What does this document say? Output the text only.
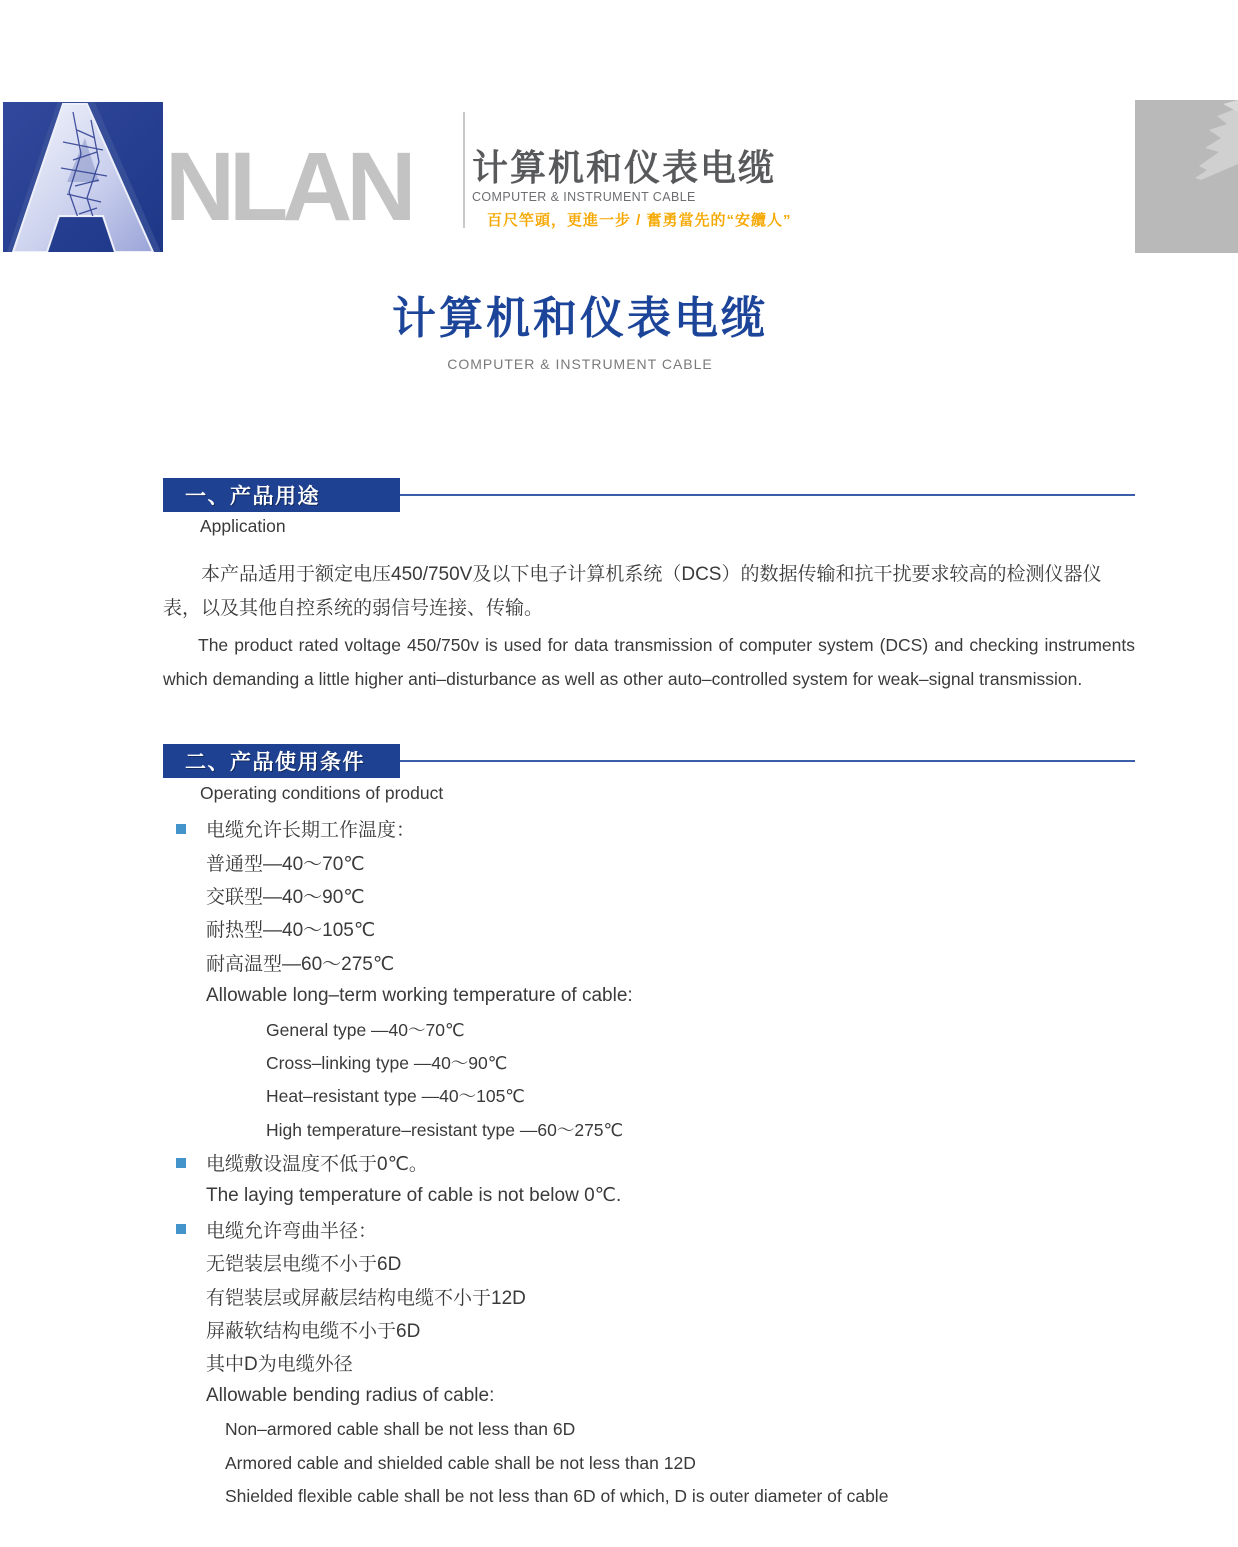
NLAN 计算机和仪表电缆
COMPUTER & INSTRUMENT CABLE
百尺竿頭，更進一步 / 奮勇當先的“安纜人”
计算机和仪表电缆
COMPUTER & INSTRUMENT CABLE
一、产品用途
Application
本产品适用于额定电压450/750V及以下电子计算机系统（DCS）的数据传输和抗干扰要求较高的检测仪器仪表，以及其他自控系统的弱信号连接、传输。
The product rated voltage 450/750v is used for data transmission of computer system (DCS) and checking instruments which demanding a little higher anti–disturbance as well as other auto–controlled system for weak–signal transmission.
二、产品使用条件
Operating conditions of product
电缆允许长期工作温度：
普通型—40～70℃
交联型—40～90℃
耐热型—40～105℃
耐高温型—60～275℃
Allowable long–term working temperature of cable:
General type —40～70℃
Cross–linking type —40～90℃
Heat–resistant type —40～105℃
High temperature–resistant type —60～275℃
电缆敷设温度不低于0℃。
The laying temperature of cable is not below 0℃.
电缆允许弯曲半径：
无铠装层电缆不小于6D
有铠装层或屏蔽层结构电缆不小于12D
屏蔽软结构电缆不小于6D
其中D为电缆外径
Allowable bending radius of cable:
Non–armored cable shall be not less than 6D
Armored cable and shielded cable shall be not less than 12D
Shielded flexible cable shall be not less than 6D of which, D is outer diameter of cable
